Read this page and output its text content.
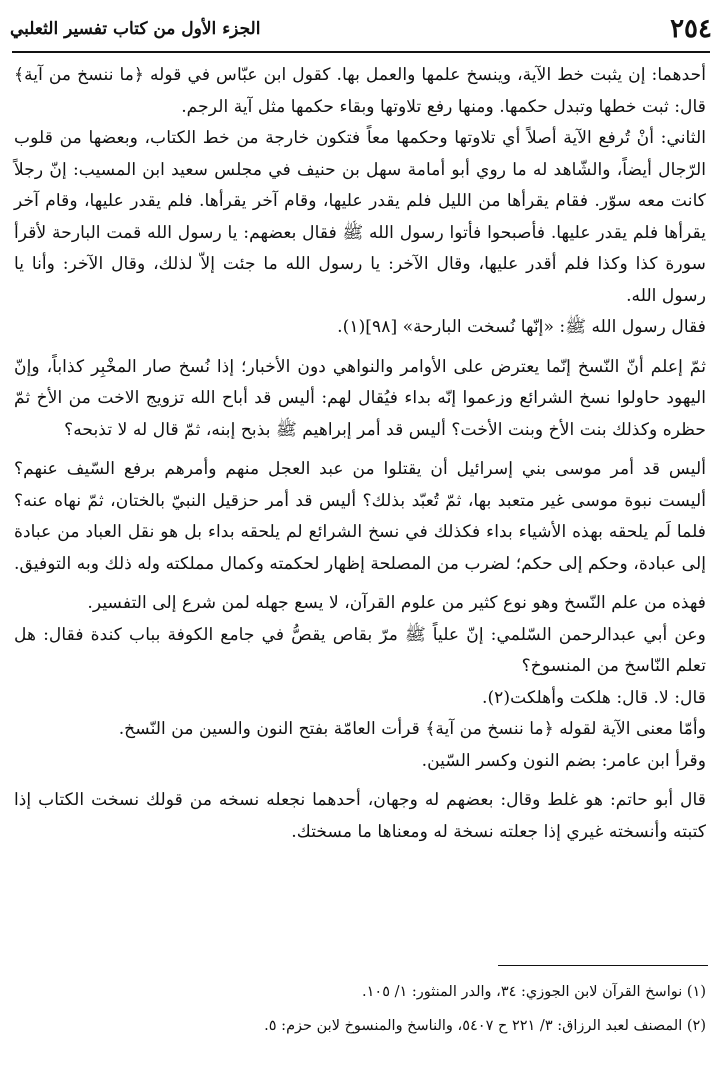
٢٥٤
الجزء الأول من كتاب تفسير الثعلبي

أحدهما: إن يثبت خط الآية، وينسخ علمها والعمل بها. كقول ابن عبّاس في قوله ﴿ما ننسخ من آية﴾ قال: ثبت خطها وتبدل حكمها. ومنها رفع تلاوتها وبقاء حكمها مثل آية الرجم.

الثاني: أنْ تُرفع الآية أصلاً أي تلاوتها وحكمها معاً فتكون خارجة من خط الكتاب، وبعضها من قلوب الرّجال أيضاً، والشّاهد له ما روي أبو أمامة سهل بن حنيف في مجلس سعيد ابن المسيب: إنّ رجلاً كانت معه سوّر. فقام يقرأها من الليل فلم يقدر عليها، وقام آخر يقرأها. فلم يقدر عليها، وقام آخر يقرأها فلم يقدر عليها. فأصبحوا فأتوا رسول الله ﷺ فقال بعضهم: يا رسول الله قمت البارحة لأقرأ سورة كذا وكذا فلم أقدر عليها، وقال الآخر: يا رسول الله ما جئت إلاّ لذلك، وقال الآخر: وأنا يا رسول الله.

فقال رسول الله ﷺ: «إنّها نُسخت البارحة» [٩٨](١).

ثمّ إعلم أنّ النّسخ إنّما يعترض على الأوامر والنواهي دون الأخبار؛ إذا نُسخ صار المخْبِر كذاباً، وإنّ اليهود حاولوا نسخ الشرائع وزعموا إنّه بداء فيُقال لهم: أليس قد أباح الله تزويج الاخت من الأخ ثمّ حظره وكذلك بنت الأخ وبنت الأخت؟ أليس قد أمر إبراهيم ﷺ بذبح إبنه، ثمّ قال له لا تذبحه؟

أليس قد أمر موسى بني إسرائيل أن يقتلوا من عبد العجل منهم وأمرهم برفع السّيف عنهم؟ أليست نبوة موسى غير متعبد بها، ثمّ تُعبّد بذلك؟ أليس قد أمر حزقيل النبيّ بالختان، ثمّ نهاه عنه؟ فلما لَم يلحقه بهذه الأشياء بداء فكذلك في نسخ الشرائع لم يلحقه بداء بل هو نقل العباد من عبادة إلى عبادة، وحكم إلى حكم؛ لضرب من المصلحة إظهار لحكمته وكمال مملكته وله ذلك وبه التوفيق.

فهذه من علم النّسخ وهو نوع كثير من علوم القرآن، لا يسع جهله لمن شرع إلى التفسير.

وعن أبي عبدالرحمن السّلمي: إنّ علياً ﷺ مرّ بقاص يقصُّ في جامع الكوفة بباب كندة فقال: هل تعلم النّاسخ من المنسوخ؟

قال: لا. قال: هلكت وأهلكت(٢).

وأمّا معنى الآية لقوله ﴿ما ننسخ من آية﴾ قرأت العامّة بفتح النون والسين من النّسخ.

وقرأ ابن عامر: بضم النون وكسر السّين.

قال أبو حاتم: هو غلط وقال: بعضهم له وجهان، أحدهما نجعله نسخه من قولك نسخت الكتاب إذا كتبته وأنسخته غيري إذا جعلته نسخة له ومعناها ما مسختك.

(١) نواسخ القرآن لابن الجوزي: ٣٤، والدر المنثور: ١/ ١٠٥.
(٢) المصنف لعبد الرزاق: ٣/ ٢٢١ ح ٥٤٠٧، والناسخ والمنسوخ لابن حزم: ٥.
